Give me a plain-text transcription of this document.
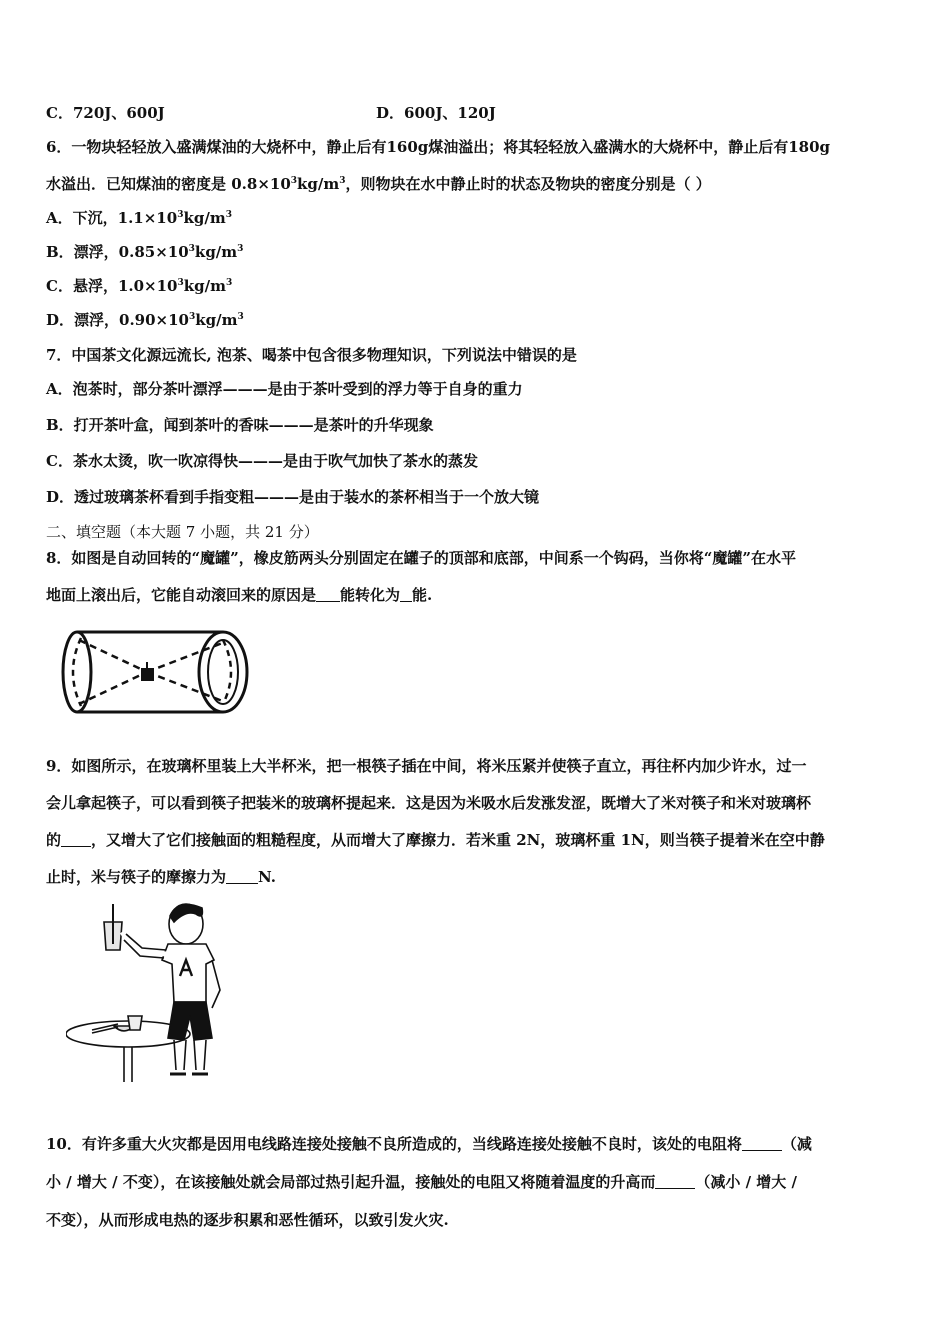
C．720J、600J	D．600J、120J
6．一物块轻轻放入盛满煤油的大烧杯中，静止后有160g煤油溢出；将其轻轻放入盛满水的大烧杯中，静止后有180g
水溢出．已知煤油的密度是 $0.8\times 10^3kg/m^3$，则物块在水中静止时的状态及物块的密度分别是（ ）
A．下沉，$1.1\times 10^3kg/m^3$
B．漂浮，$0.85\times 10^3kg/m^3$
C．悬浮，$1.0\times 10^3kg/m^3$
D．漂浮，$0.90\times 10^3kg/m^3$
7．中国茶文化源远流长, 泡茶、喝茶中包含很多物理知识，下列说法中错误的是
A．泡茶时，部分茶叶漂浮———是由于茶叶受到的浮力等于自身的重力
B．打开茶叶盒，闻到茶叶的香味———是茶叶的升华现象
C．茶水太烫，吹一吹凉得快———是由于吹气加快了茶水的蒸发
D．透过玻璃茶杯看到手指变粗———是由于装水的茶杯相当于一个放大镜
二、填空题（本大题 7 小题，共 21 分）
8．如图是自动回转的“魔罐”，橡皮筋两头分别固定在罐子的顶部和底部，中间系一个钩码，当你将“魔罐”在水平
地面上滚出后，它能自动滚回来的原因是 能转化为 能.
9．如图所示，在玻璃杯里装上大半杯米，把一根筷子插在中间，将米压紧并使筷子直立，再往杯内加少许水，过一
会儿拿起筷子，可以看到筷子把装米的玻璃杯提起来．这是因为米吸水后发涨发涩，既增大了米对筷子和米对玻璃杯
的 ，又增大了它们接触面的粗糙程度，从而增大了摩擦力．若米重 2N，玻璃杯重 1N，则当筷子提着米在空中静
止时，米与筷子的摩擦力为 N.
10．有许多重大火灾都是因用电线路连接处接触不良所造成的，当线路连接处接触不良时，该处的电阻将	（减
小 / 增大 / 不变），在该接触处就会局部过热引起升温，接触处的电阻又将随着温度的升高而	（减小 / 增大 /
不变），从而形成电热的逐步积累和恶性循环，以致引发火灾.
